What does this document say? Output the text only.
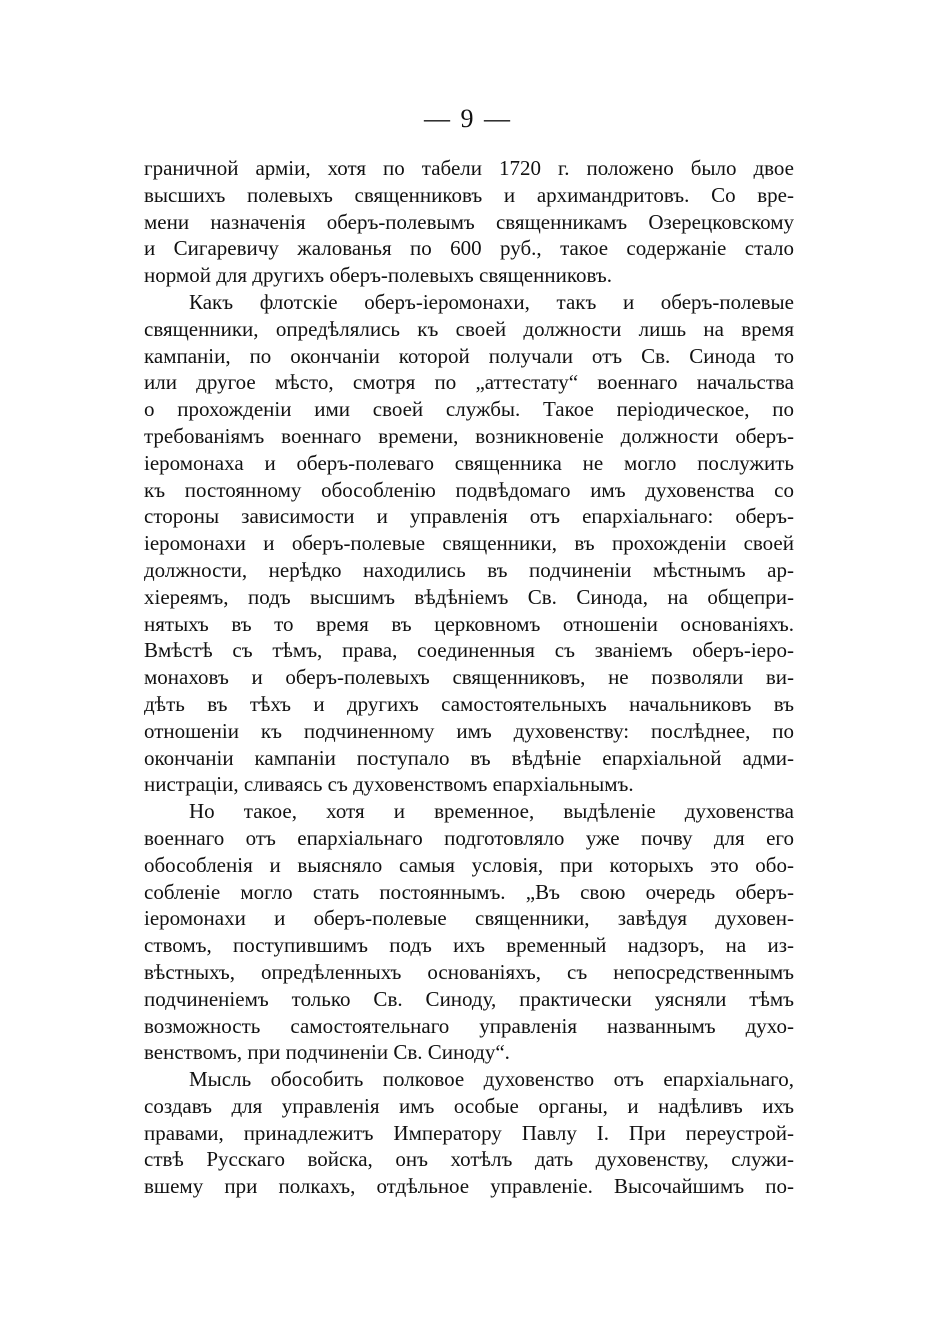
— 9 —
граничной арміи, хотя по табели 1720 г. положено было двое
высшихъ полевыхъ священниковъ и архимандритовъ. Со вре-
мени назначенія оберъ-полевымъ священникамъ Озерецковскому
и Сигаревичу жалованья по 600 руб., такое содержаніе стало
нормой для другихъ оберъ-полевыхъ священниковъ.
Какъ флотскіе оберъ-іеромонахи, такъ и оберъ-полевые
священники, опредѣлялись къ своей должности лишь на время
кампаніи, по окончаніи которой получали отъ Св. Синода то
или другое мѣсто, смотря по „аттестату“ военнаго начальства
о прохожденіи ими своей службы. Такое періодическое, по
требованіямъ военнаго времени, возникновеніе должности оберъ-
іеромонаха и оберъ-полеваго священника не могло послужить
къ постоянному обособленію подвѣдомаго имъ духовенства со
стороны зависимости и управленія отъ епархіальнаго: оберъ-
іеромонахи и оберъ-полевые священники, въ прохожденіи своей
должности, нерѣдко находились въ подчиненіи мѣстнымъ ар-
хіереямъ, подъ высшимъ вѣдѣніемъ Св. Синода, на общепри-
нятыхъ въ то время въ церковномъ отношеніи основаніяхъ.
Вмѣстѣ съ тѣмъ, права, соединенныя съ званіемъ оберъ-іеро-
монаховъ и оберъ-полевыхъ священниковъ, не позволяли ви-
дѣть въ тѣхъ и другихъ самостоятельныхъ начальниковъ въ
отношеніи къ подчиненному имъ духовенству: послѣднее, по
окончаніи кампаніи поступало въ вѣдѣніе епархіальной адми-
нистраціи, сливаясь съ духовенствомъ епархіальнымъ.
Но такое, хотя и временное, выдѣленіе духовенства
военнаго отъ епархіальнаго подготовляло уже почву для его
обособленія и выясняло самыя условія, при которыхъ это обо-
собленіе могло стать постояннымъ. „Въ свою очередь оберъ-
іеромонахи и оберъ-полевые священники, завѣдуя духовен-
ствомъ, поступившимъ подъ ихъ временный надзоръ, на из-
вѣстныхъ, опредѣленныхъ основаніяхъ, съ непосредственнымъ
подчиненіемъ только Св. Синоду, практически уясняли тѣмъ
возможность самостоятельнаго управленія названнымъ духо-
венствомъ, при подчиненіи Св. Синоду“.
Мысль обособить полковое духовенство отъ епархіальнаго,
создавъ для управленія имъ особые органы, и надѣливъ ихъ
правами, принадлежитъ Императору Павлу I. При переустрой-
ствѣ Русскаго войска, онъ хотѣлъ дать духовенству, служи-
вшему при полкахъ, отдѣльное управленіе. Высочайшимъ по-
